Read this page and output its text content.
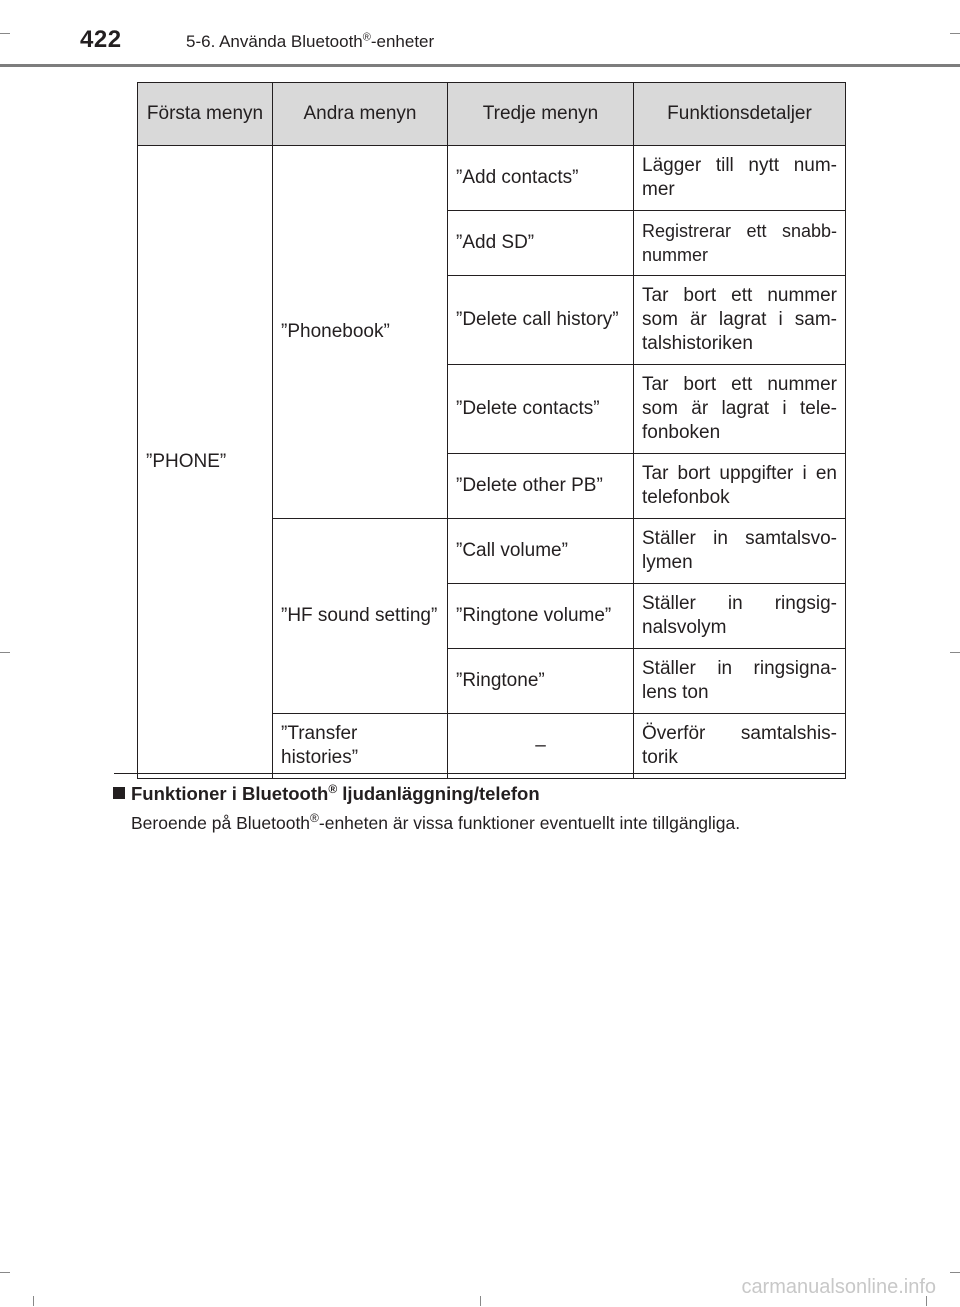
422	5-6. Använda Bluetooth®-enheter
Första menyn	Andra menyn	Tredje menyn	Funktionsdetaljer
”PHONE”	”Phonebook”	”Add contacts”	Lägger till nytt num-mer
		”Add SD”	Registrerar ett snabb-nummer
		”Delete call history”	Tar bort ett nummer som är lagrat i sam-talshistoriken
		”Delete contacts”	Tar bort ett nummer som är lagrat i tele-fonboken
		”Delete other PB”	Tar bort uppgifter i en telefonbok
	”HF sound setting”	”Call volume”	Ställer in samtalsvo-lymen
		”Ringtone volume”	Ställer in ringsig-nalsvolym
		”Ringtone”	Ställer in ringsigna-lens ton
	”Transfer histories”	–	Överför samtalshis-torik
Funktioner i Bluetooth® ljudanläggning/telefon
Beroende på Bluetooth®-enheten är vissa funktioner eventuellt inte tillgängliga.
carmanualsonline.info
